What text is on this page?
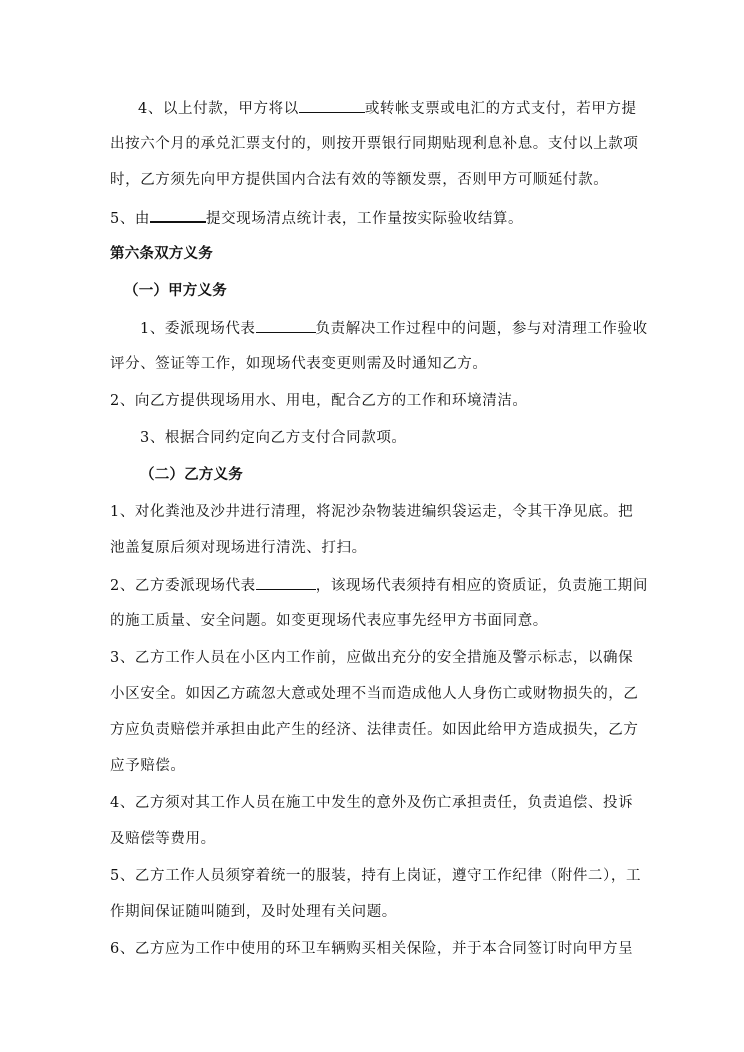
4、以上付款，甲方将以	或转帐支票或电汇的方式支付，若甲方提
出按六个月的承兑汇票支付的，则按开票银行同期贴现利息补息。支付以上款项
时，乙方须先向甲方提供国内合法有效的等额发票，否则甲方可顺延付款。
5、由	提交现场清点统计表，工作量按实际验收结算。
第六条双方义务
（一）甲方义务
1、委派现场代表	负责解决工作过程中的问题，参与对清理工作验收
评分、签证等工作，如现场代表变更则需及时通知乙方。
2、向乙方提供现场用水、用电，配合乙方的工作和环境清洁。
3、根据合同约定向乙方支付合同款项。
（二）乙方义务
1、对化粪池及沙井进行清理，将泥沙杂物装进编织袋运走，令其干净见底。把
池盖复原后须对现场进行清洗、打扫。
2、乙方委派现场代表	，该现场代表须持有相应的资质证，负责施工期间
的施工质量、安全问题。如变更现场代表应事先经甲方书面同意。
3、乙方工作人员在小区内工作前，应做出充分的安全措施及警示标志，以确保
小区安全。如因乙方疏忽大意或处理不当而造成他人人身伤亡或财物损失的，乙
方应负责赔偿并承担由此产生的经济、法律责任。如因此给甲方造成损失，乙方
应予赔偿。
4、乙方须对其工作人员在施工中发生的意外及伤亡承担责任，负责追偿、投诉
及赔偿等费用。
5、乙方工作人员须穿着统一的服装，持有上岗证，遵守工作纪律（附件二），工
作期间保证随叫随到，及时处理有关问题。
6、乙方应为工作中使用的环卫车辆购买相关保险，并于本合同签订时向甲方呈
